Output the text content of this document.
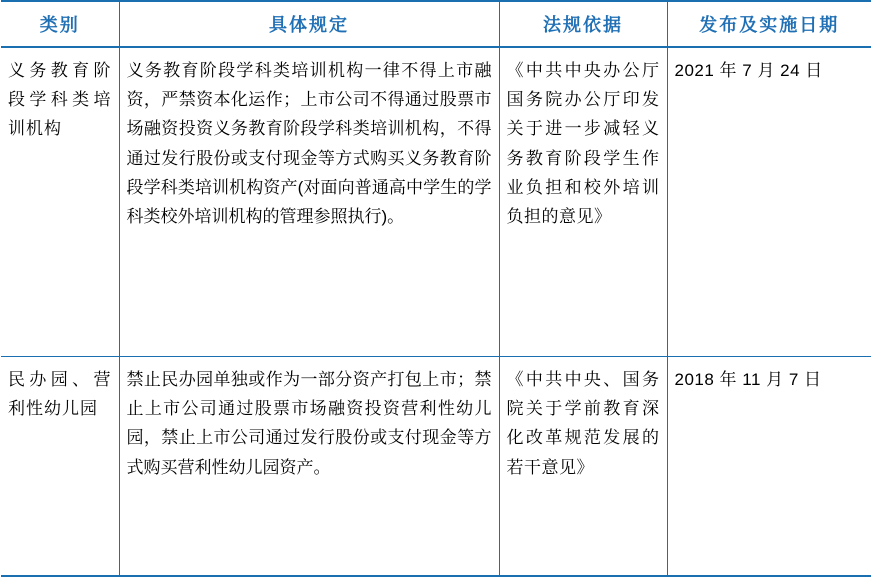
类别	具体规定	法规依据	发布及实施日期
义务教育阶段学科类培训机构	义务教育阶段学科类培训机构一律不得上市融资，严禁资本化运作；上市公司不得通过股票市场融资投资义务教育阶段学科类培训机构，不得通过发行股份或支付现金等方式购买义务教育阶段学科类培训机构资产(对面向普通高中学生的学科类校外培训机构的管理参照执行)。	《中共中央办公厅 国务院办公厅印发关于进一步减轻义务教育阶段学生作业负担和校外培训负担的意见》	2021 年 7 月 24 日
民办园、营利性幼儿园	禁止民办园单独或作为一部分资产打包上市；禁止上市公司通过股票市场融资投资营利性幼儿园，禁止上市公司通过发行股份或支付现金等方式购买营利性幼儿园资产。	《中共中央、国务院关于学前教育深化改革规范发展的若干意见》	2018 年 11 月 7 日
